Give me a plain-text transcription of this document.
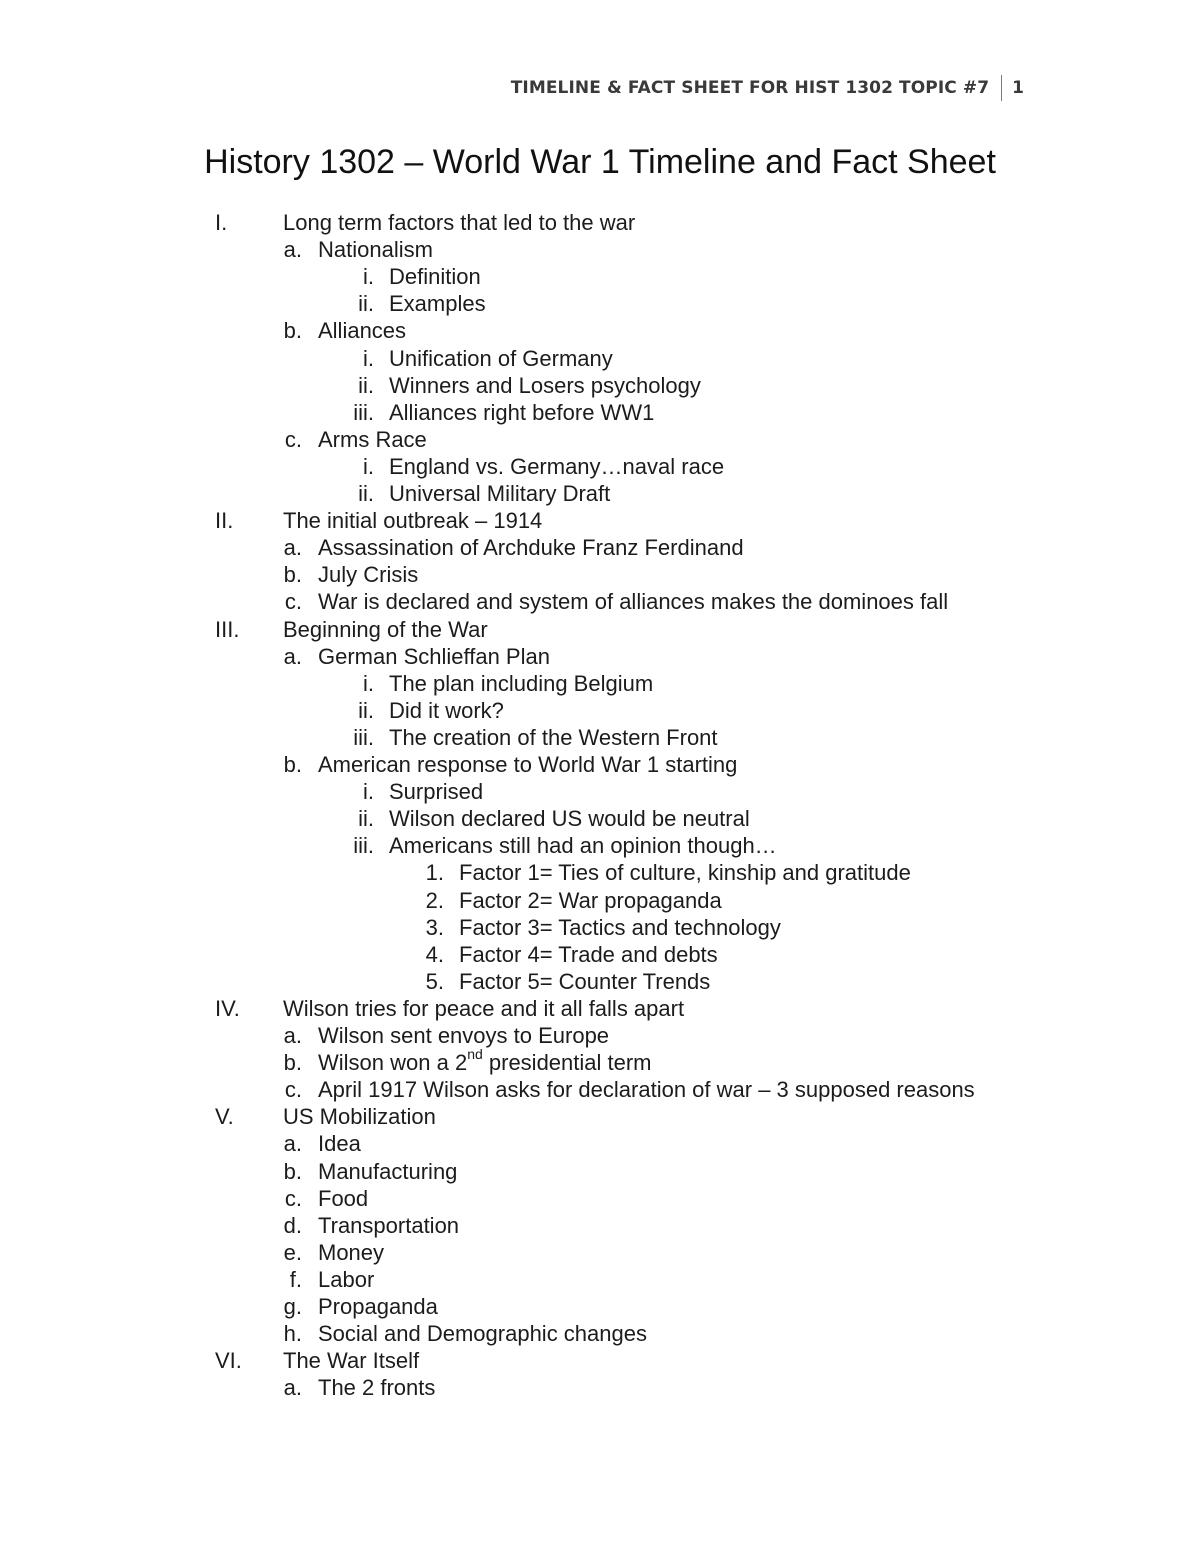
TIMELINE & FACT SHEET FOR HIST 1302 TOPIC #7	1
History 1302 – World War 1 Timeline and Fact Sheet
I.	Long term factors that led to the war
a. Nationalism
i. Definition
ii. Examples
b. Alliances
i. Unification of Germany
ii. Winners and Losers psychology
iii. Alliances right before WW1
c. Arms Race
i. England vs. Germany…naval race
ii. Universal Military Draft
II. The initial outbreak – 1914
a. Assassination of Archduke Franz Ferdinand
b. July Crisis
c. War is declared and system of alliances makes the dominoes fall
III. Beginning of the War
a. German Schlieffan Plan
i. The plan including Belgium
ii. Did it work?
iii. The creation of the Western Front
b. American response to World War 1 starting
i. Surprised
ii. Wilson declared US would be neutral
iii. Americans still had an opinion though…
1. Factor 1= Ties of culture, kinship and gratitude
2. Factor 2= War propaganda
3. Factor 3= Tactics and technology
4. Factor 4= Trade and debts
5. Factor 5= Counter Trends
IV. Wilson tries for peace and it all falls apart
a. Wilson sent envoys to Europe
b. Wilson won a 2nd presidential term
c. April 1917 Wilson asks for declaration of war – 3 supposed reasons
V. US Mobilization
a. Idea
b. Manufacturing
c. Food
d. Transportation
e. Money
f. Labor
g. Propaganda
h. Social and Demographic changes
VI. The War Itself
a. The 2 fronts
